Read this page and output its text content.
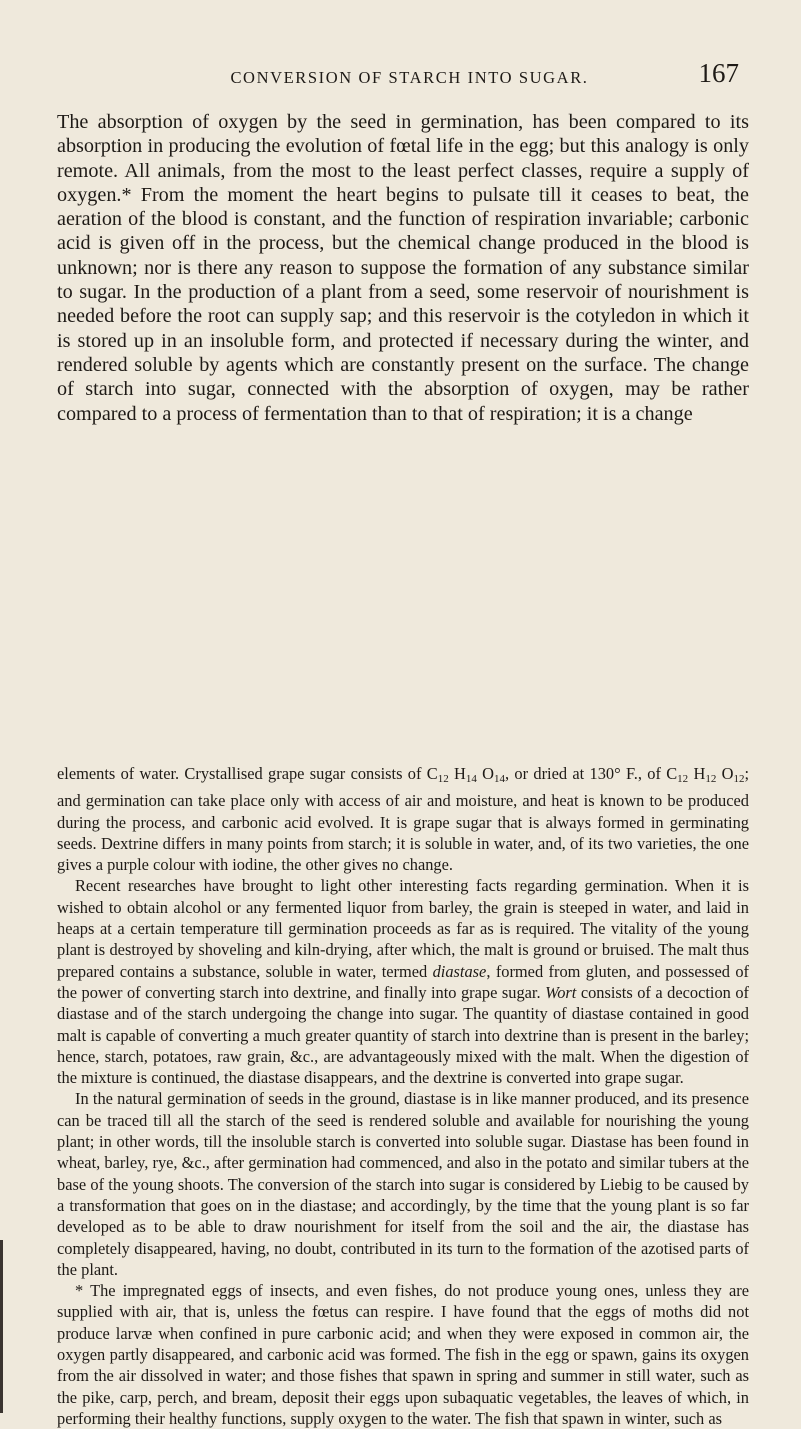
CONVERSION OF STARCH INTO SUGAR.	167

The absorption of oxygen by the seed in germination, has been compared to its absorption in producing the evolution of fœtal life in the egg; but this analogy is only remote. All animals, from the most to the least perfect classes, require a supply of oxygen.* From the moment the heart begins to pulsate till it ceases to beat, the aeration of the blood is constant, and the function of respiration invariable; carbonic acid is given off in the process, but the chemical change produced in the blood is unknown; nor is there any reason to suppose the formation of any substance similar to sugar. In the production of a plant from a seed, some reservoir of nourishment is needed before the root can supply sap; and this reservoir is the cotyledon in which it is stored up in an insoluble form, and protected if necessary during the winter, and rendered soluble by agents which are constantly present on the surface. The change of starch into sugar, connected with the absorption of oxygen, may be rather compared to a process of fermentation than to that of respiration; it is a change

elements of water. Crystallised grape sugar consists of $C_{12}$ $H_{14}$ $O_{14}$, or dried at 130° F., of $C_{12}$ $H_{12}$ $O_{12}$; and germination can take place only with access of air and moisture, and heat is known to be produced during the process, and carbonic acid evolved. It is grape sugar that is always formed in germinating seeds. Dextrine differs in many points from starch; it is soluble in water, and, of its two varieties, the one gives a purple colour with iodine, the other gives no change.

Recent researches have brought to light other interesting facts regarding germination. When it is wished to obtain alcohol or any fermented liquor from barley, the grain is steeped in water, and laid in heaps at a certain temperature till germination proceeds as far as is required. The vitality of the young plant is destroyed by shoveling and kiln-drying, after which, the malt is ground or bruised. The malt thus prepared contains a substance, soluble in water, termed diastase, formed from gluten, and possessed of the power of converting starch into dextrine, and finally into grape sugar. Wort consists of a decoction of diastase and of the starch undergoing the change into sugar. The quantity of diastase contained in good malt is capable of converting a much greater quantity of starch into dextrine than is present in the barley; hence, starch, potatoes, raw grain, &c., are advantageously mixed with the malt. When the digestion of the mixture is continued, the diastase disappears, and the dextrine is converted into grape sugar.

In the natural germination of seeds in the ground, diastase is in like manner produced, and its presence can be traced till all the starch of the seed is rendered soluble and available for nourishing the young plant; in other words, till the insoluble starch is converted into soluble sugar. Diastase has been found in wheat, barley, rye, &c., after germination had commenced, and also in the potato and similar tubers at the base of the young shoots. The conversion of the starch into sugar is considered by Liebig to be caused by a transformation that goes on in the diastase; and accordingly, by the time that the young plant is so far developed as to be able to draw nourishment for itself from the soil and the air, the diastase has completely disappeared, having, no doubt, contributed in its turn to the formation of the azotised parts of the plant.

* The impregnated eggs of insects, and even fishes, do not produce young ones, unless they are supplied with air, that is, unless the fœtus can respire. I have found that the eggs of moths did not produce larvæ when confined in pure carbonic acid; and when they were exposed in common air, the oxygen partly disappeared, and carbonic acid was formed. The fish in the egg or spawn, gains its oxygen from the air dissolved in water; and those fishes that spawn in spring and summer in still water, such as the pike, carp, perch, and bream, deposit their eggs upon subaquatic vegetables, the leaves of which, in performing their healthy functions, supply oxygen to the water. The fish that spawn in winter, such as
